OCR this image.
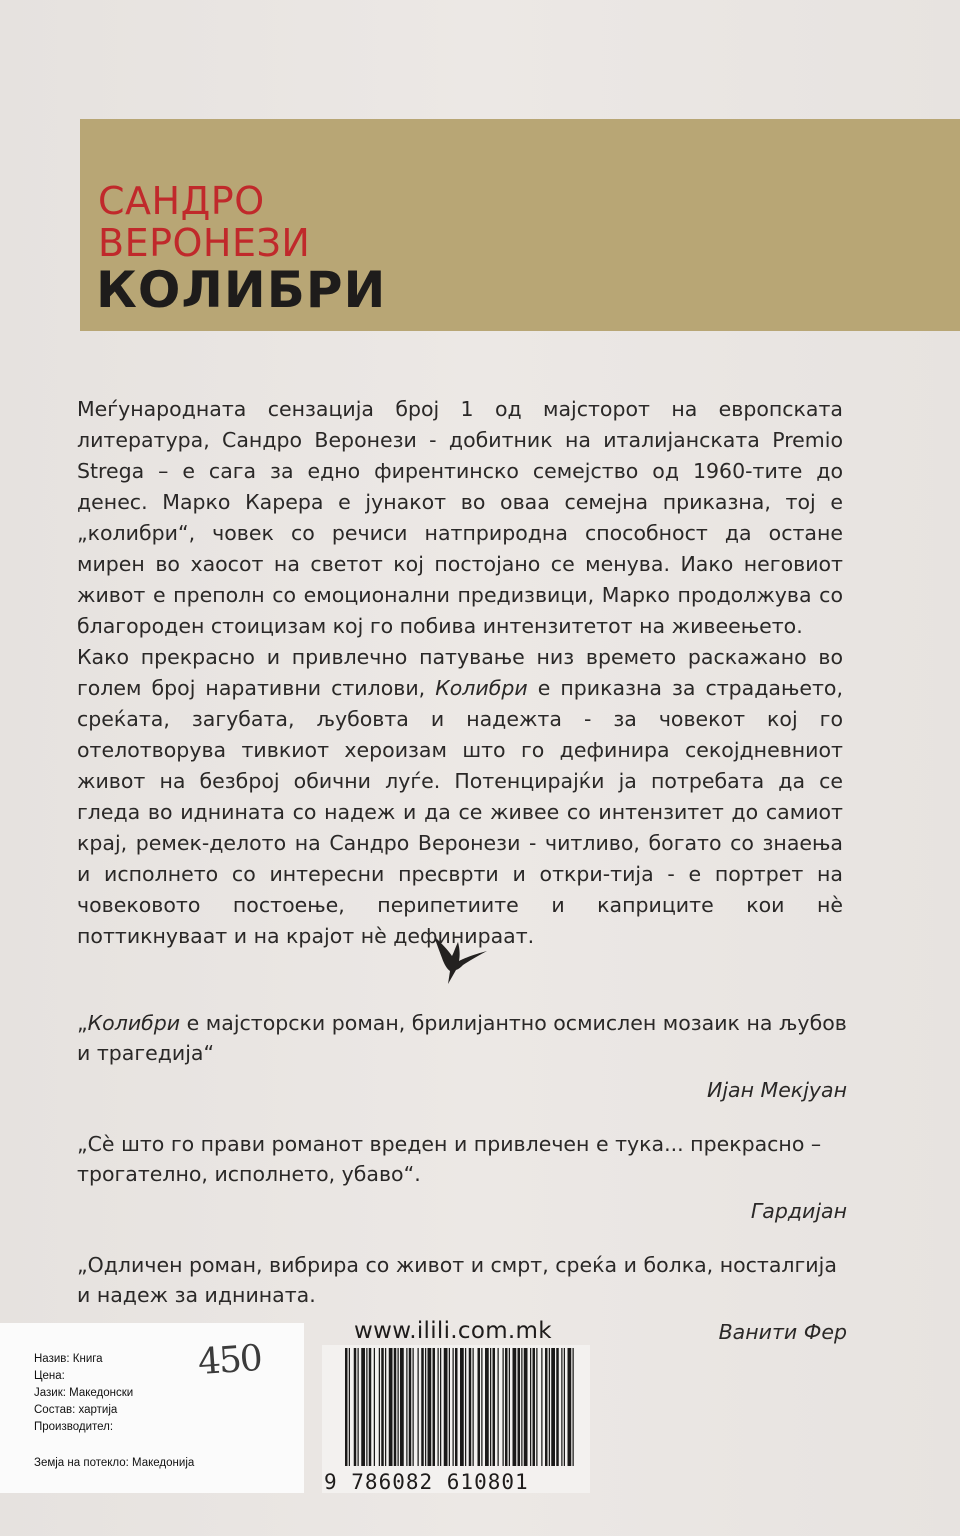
САНДРО
ВЕРОНЕЗИ
КОЛИБРИ

Меѓународната сензација број 1 од мајсторот на европската литература, Сандро Веронези - добитник на италијанската Premio Strega – е сага за едно фирентинско семејство од 1960-тите до денес. Марко Карера е јунакот во оваа семејна приказна, тој е „колибри“, човек со речиси натприродна способност да остане мирен во хаосот на светот кој постојано се менува. Иако неговиот живот е преполн со емоционални предизвици, Марко продолжува со благороден стоицизам кој го побива интензитетот на живеењето.

Како прекрасно и привлечно патување низ времето раскажано во голем број наративни стилови, Колибри е приказна за страдањето, среќата, загубата, љубовта и надежта - за човекот кој го отелотворува тивкиот херoизам што го дефинира секојдневниот живот на безброј обични луѓе. Потенцирајќи ја потребата да се гледа во иднината со надеж и да се живее со интензитет до самиот крај, ремек-делото на Сандро Веронези - читливо, богато со знаења и исполнето со интересни пресврти и откри-тија - е портрет на човековото постоење, перипетиите и каприците кои нѐ поттикнуваат и на крајот нѐ дефинираат.

„Колибри е мајсторски роман, брилијантно осмислен мозаик на љубов и трагедија“
Ијан Мекјуан
„Сѐ што го прави романот вреден и привлечен е тука... прекрасно – трогателно, исполнето, убаво“.
Гардијан
„Одличен роман, вибрира со живот и смрт, среќа и болка, носталгија и надеж за иднината.
Ванити Фер
www.ilili.com.mk
9 786082 610801
Назив: Книга
Цена:
Јазик: Македонски
Состав: хартија
Производител:
Земја на потекло: Македонија
450
